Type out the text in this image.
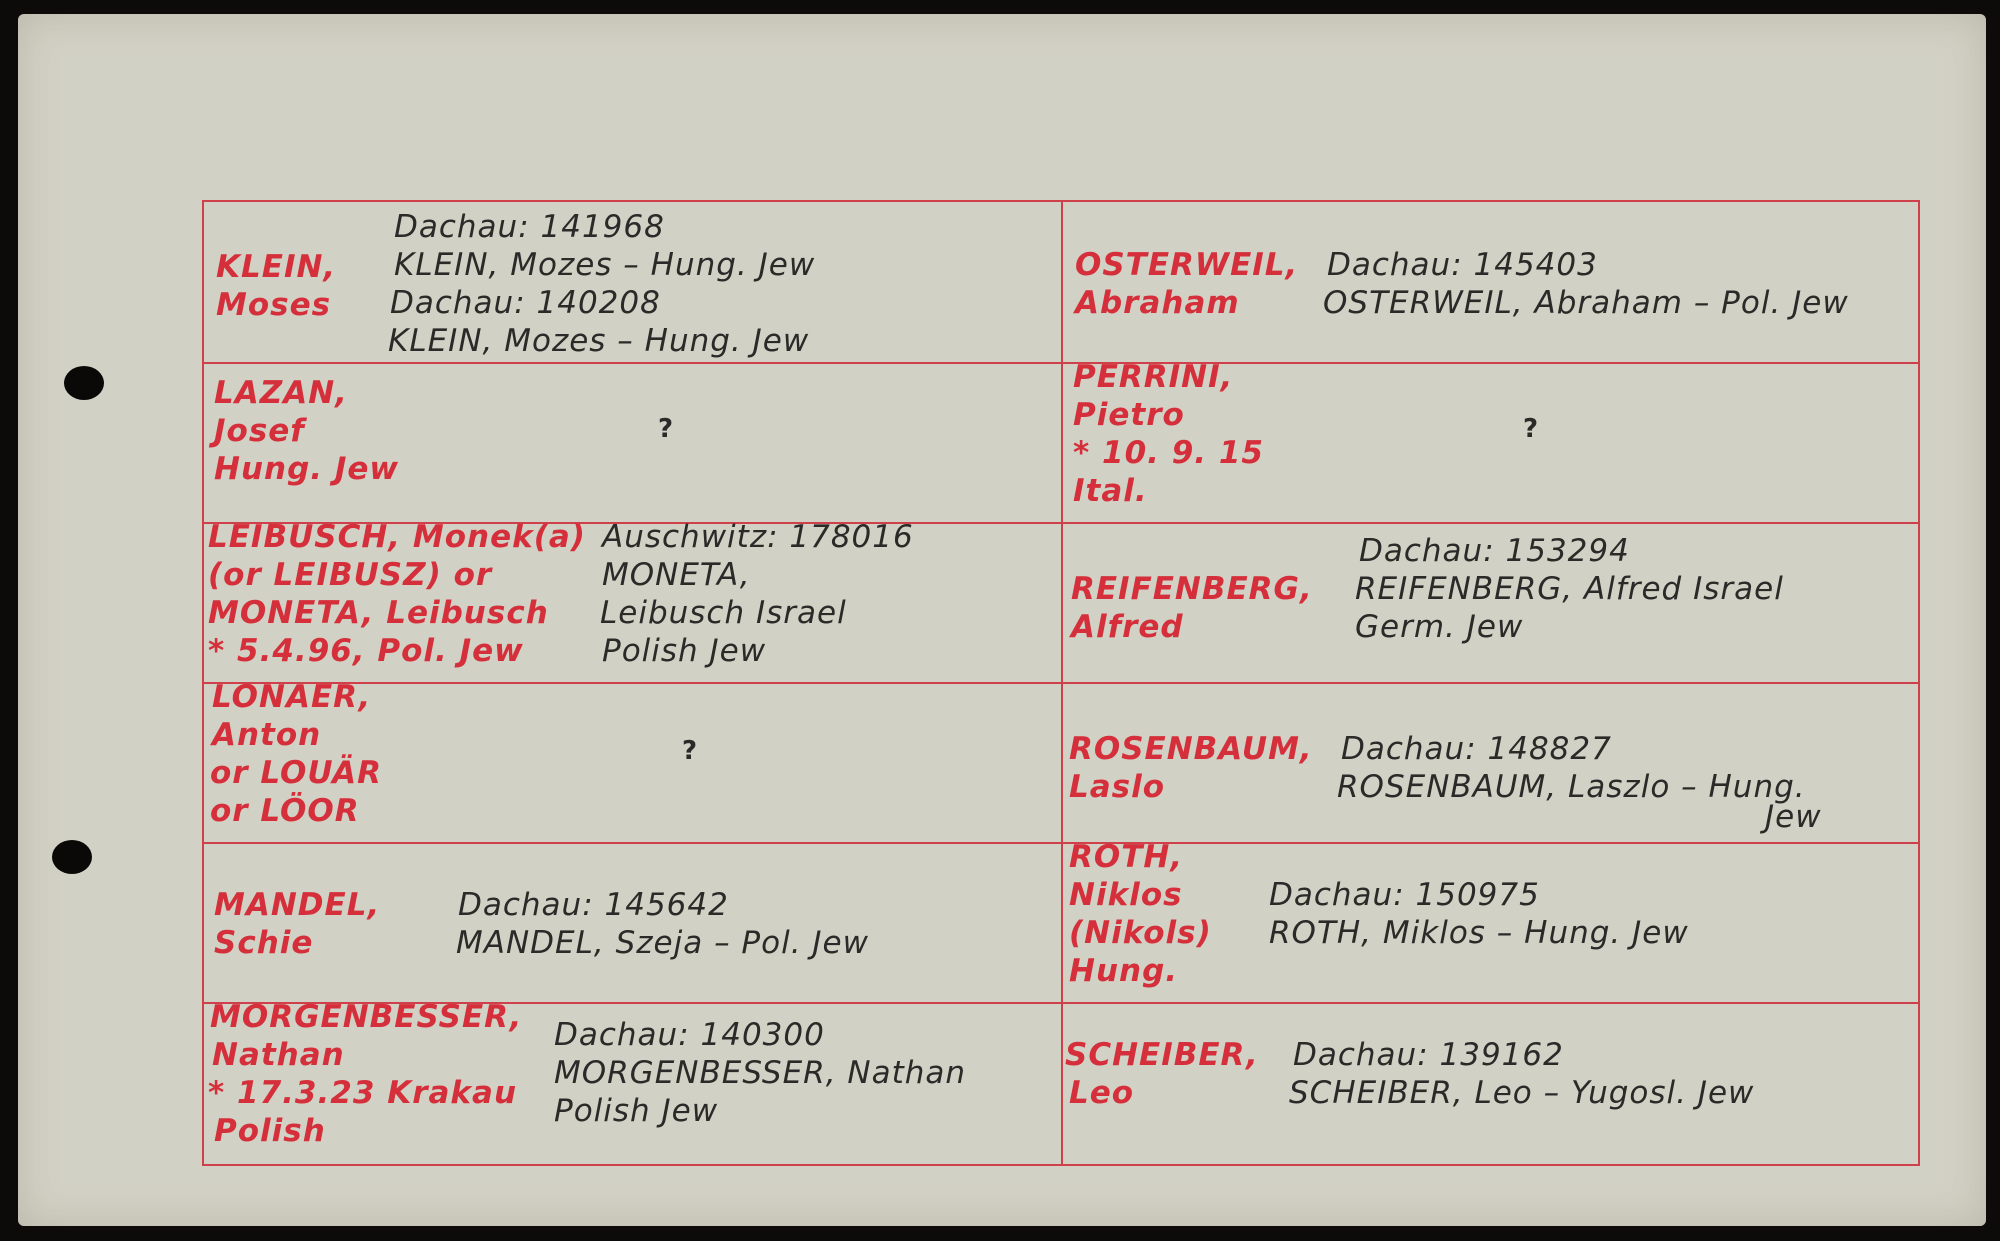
KLEIN,
Moses
Dachau: 141968
KLEIN, Mozes – Hung. Jew
Dachau: 140208
KLEIN, Mozes – Hung. Jew
OSTERWEIL,
Abraham
Dachau: 145403
OSTERWEIL, Abraham – Pol. Jew
LAZAN,
Josef
Hung. Jew
?
PERRINI,
Pietro
* 10. 9. 15
Ital.
?
LEIBUSCH, Monek(a)
(or LEIBUSZ) or
MONETA, Leibusch
* 5.4.96, Pol. Jew
Auschwitz: 178016
MONETA,
Leibusch Israel
Polish Jew
REIFENBERG,
Alfred
Dachau: 153294
REIFENBERG, Alfred Israel
Germ. Jew
LONAER,
Anton
or LOUÄR
or LÖOR
?	ROSENBAUM,
Laslo
Dachau: 148827
ROSENBAUM, Laszlo – Hung.
Jew
MANDEL,
Schie
Dachau: 145642
MANDEL, Szeja – Pol. Jew
ROTH,
Niklos
(Nikols)
Hung.
Dachau: 150975
ROTH, Miklos – Hung. Jew
MORGENBESSER,
Nathan
* 17.3.23 Krakau
Polish
Dachau: 140300
MORGENBESSER, Nathan
Polish Jew
SCHEIBER,
Leo
Dachau: 139162
SCHEIBER, Leo – Yugosl. Jew
